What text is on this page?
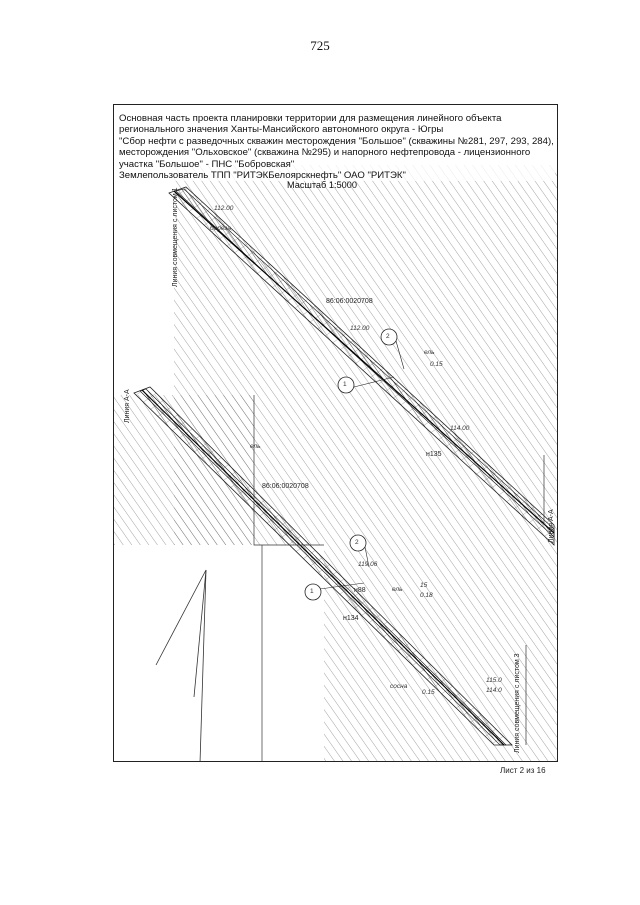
725
Основная часть проекта планировки территории для размещения линейного объекта
регионального значения Ханты-Мансийского автономного округа - Югры
"Сбор нефти с разведочных скважин месторождения "Большое" (скважины №281, 297, 293, 284),
месторождения "Ольховское" (скважина №295) и напорного нефтепровода - лицензионного
участка "Большое" - ПНС "Бобровская"
Землепользователь ТПП "РИТЭКБелоярскнефть" ОАО "РИТЭК"
Масштаб 1:5000
Линия совмещения с листом 1
Линия А-А
Линия А-А
Линия совмещения с листом 3
86:06:0020708
86:06:0020708
н135
н134
н88
2
1
2
1
береза
ель
ель
ель
сосна
112.00
112.00
119.06
15
0.18
115.0
114.0
0.15
114.00
0.15
Лист 2 из 16
